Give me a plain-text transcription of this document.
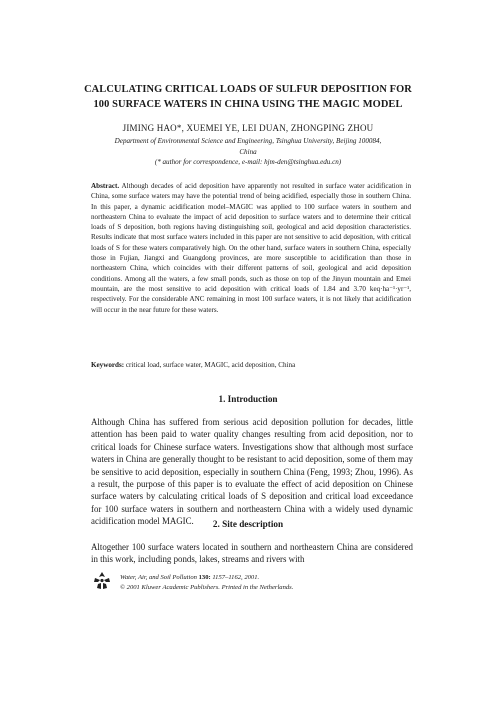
CALCULATING CRITICAL LOADS OF SULFUR DEPOSITION FOR
100 SURFACE WATERS IN CHINA USING THE MAGIC MODEL
JIMING HAO*, XUEMEI YE, LEI DUAN, ZHONGPING ZHOU
Department of Environmental Science and Engineering, Tsinghua University, Beijing 100084,
China
(* author for correspondence, e-mail: hjm-den@tsinghua.edu.cn)
Abstract. Although decades of acid deposition have apparently not resulted in surface water acidification in China, some surface waters may have the potential trend of being acidified, especially those in southern China. In this paper, a dynamic acidification model–MAGIC was applied to 100 surface waters in southern and northeastern China to evaluate the impact of acid deposition to surface waters and to determine their critical loads of S deposition, both regions having distinguishing soil, geological and acid deposition characteristics. Results indicate that most surface waters included in this paper are not sensitive to acid deposition, with critical loads of S for these waters comparatively high. On the other hand, surface waters in southern China, especially those in Fujian, Jiangxi and Guangdong provinces, are more susceptible to acidification than those in northeastern China, which coincides with their different patterns of soil, geological and acid deposition conditions. Among all the waters, a few small ponds, such as those on top of the Jinyun mountain and Emei mountain, are the most sensitive to acid deposition with critical loads of 1.84 and 3.70 keq·ha⁻¹·yr⁻¹, respectively. For the considerable ANC remaining in most 100 surface waters, it is not likely that acidification will occur in the near future for these waters.
Keywords: critical load, surface water, MAGIC, acid deposition, China
1. Introduction
Although China has suffered from serious acid deposition pollution for decades, little attention has been paid to water quality changes resulting from acid deposition, nor to critical loads for Chinese surface waters. Investigations show that although most surface waters in China are generally thought to be resistant to acid deposition, some of them may be sensitive to acid deposition, especially in southern China (Feng, 1993; Zhou, 1996). As a result, the purpose of this paper is to evaluate the effect of acid deposition on Chinese surface waters by calculating critical loads of S deposition and critical load exceedance for 100 surface waters in southern and northeastern China with a widely used dynamic acidification model MAGIC.	2. Site description
Altogether 100 surface waters located in southern and northeastern China are considered in this work, including ponds, lakes, streams and rivers with
Water, Air, and Soil Pollution 130: 1157–1162, 2001.
© 2001 Kluwer Academic Publishers. Printed in the Netherlands.
